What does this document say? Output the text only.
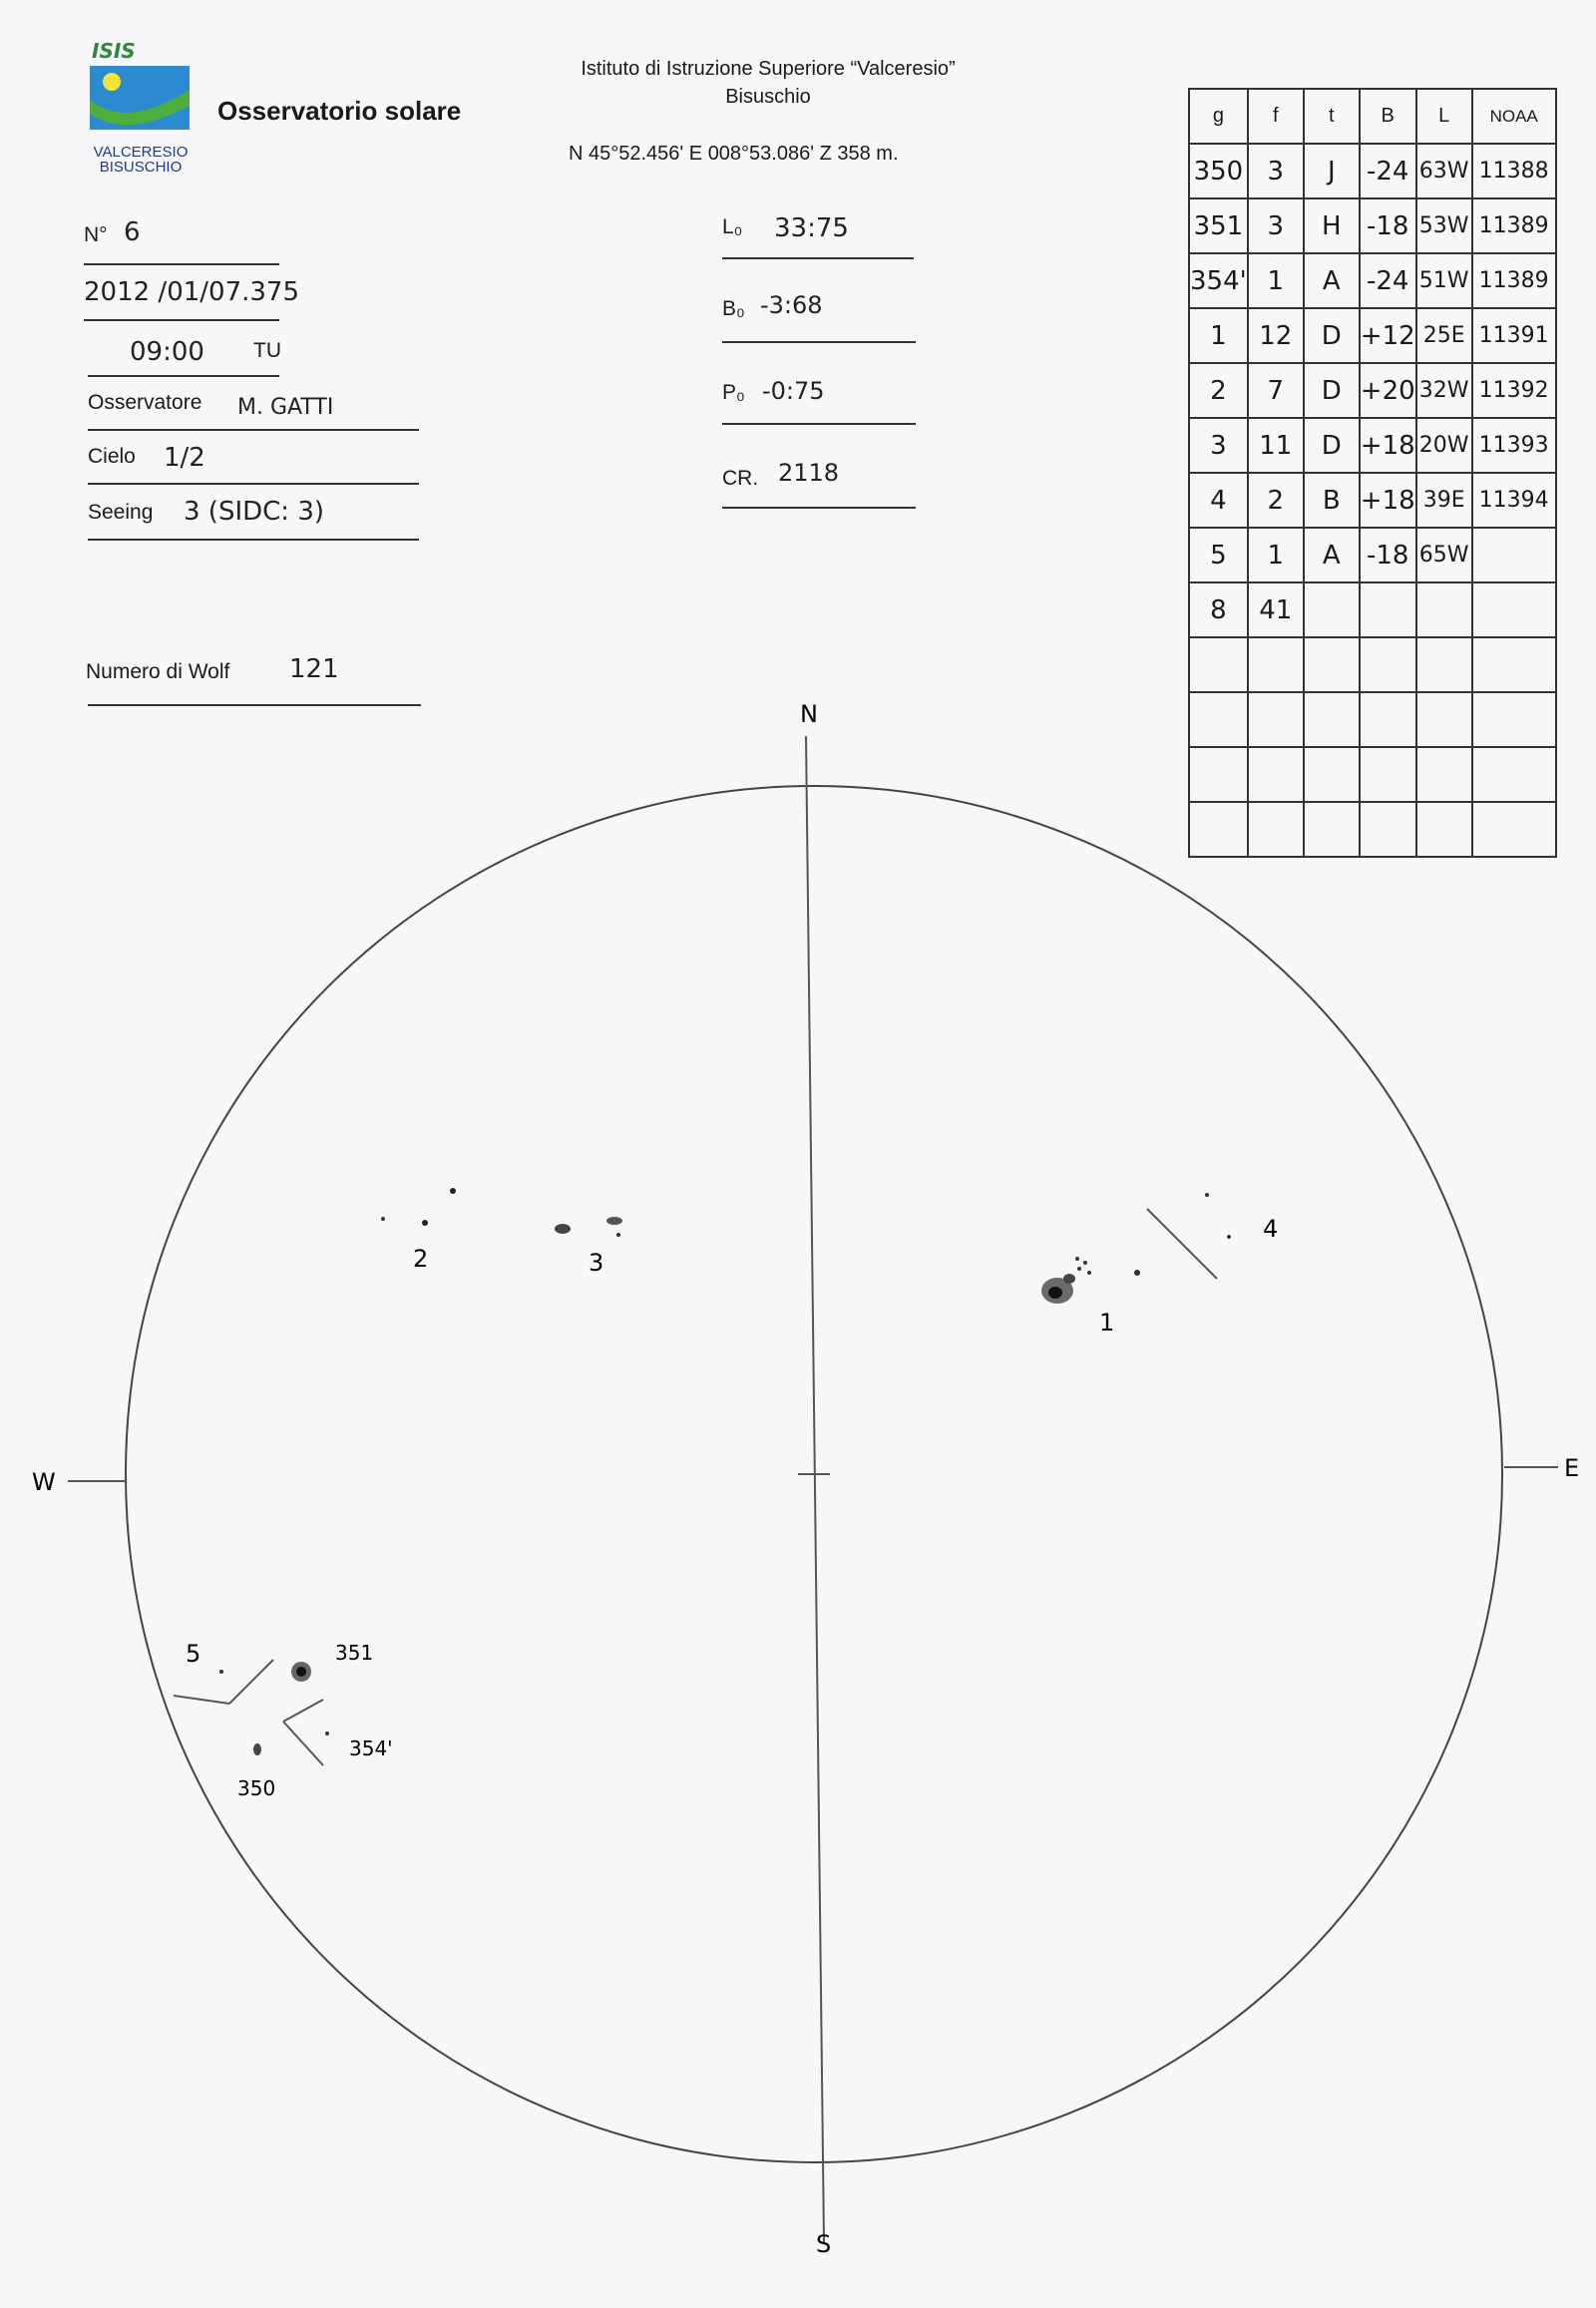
ISIS
VALCERESIO
BISUSCHIO
Osservatorio solare
Istituto di Istruzione Superiore “Valceresio”
Bisuschio
N 45°52.456' E 008°53.086' Z 358 m.
N° 6
2012 /01/07.375
09:00 TU
Osservatore M. GATTI
Cielo 1/2
Seeing 3 (SIDC: 3)
Numero di Wolf 121
L₀ 33:75
B₀ -3:68
P₀ -0:75
CR. 2118
g	f	t	B	L	NOAA
350	3	J	-24	63W	11388
351	3	H	-18	53W	11389
354'	1	A	-24	51W	11389
1	12	D	+12	25E	11391
2	7	D	+20	32W	11392
3	11	D	+18	20W	11393
4	2	B	+18	39E	11394
5	1	A	-18	65W	
8	41				

N
S
E
W
1
2	3
4
5	351
350
354'
